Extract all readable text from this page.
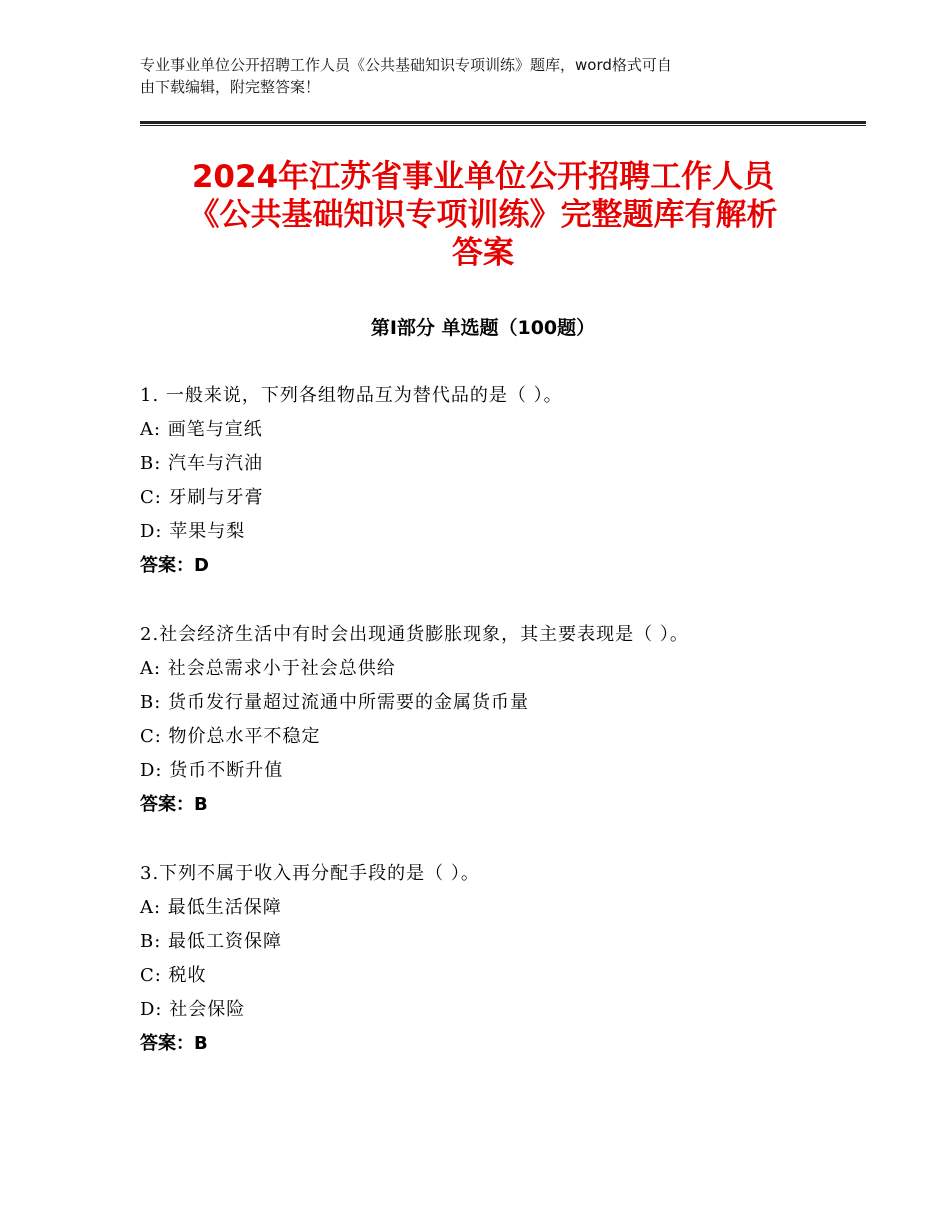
专业事业单位公开招聘工作人员《公共基础知识专项训练》题库，word格式可自
由下载编辑，附完整答案！
2024年江苏省事业单位公开招聘工作人员
《公共基础知识专项训练》完整题库有解析
答案
第Ⅰ部分 单选题（100题）
1. 一般来说，下列各组物品互为替代品的是（ ）。
A: 画笔与宣纸
B: 汽车与汽油
C: 牙刷与牙膏
D: 苹果与梨
答案：D
2.社会经济生活中有时会出现通货膨胀现象，其主要表现是（ ）。
A: 社会总需求小于社会总供给
B: 货币发行量超过流通中所需要的金属货币量
C: 物价总水平不稳定
D: 货币不断升值
答案：B
3.下列不属于收入再分配手段的是（ ）。
A: 最低生活保障
B: 最低工资保障
C: 税收
D: 社会保险
答案：B
